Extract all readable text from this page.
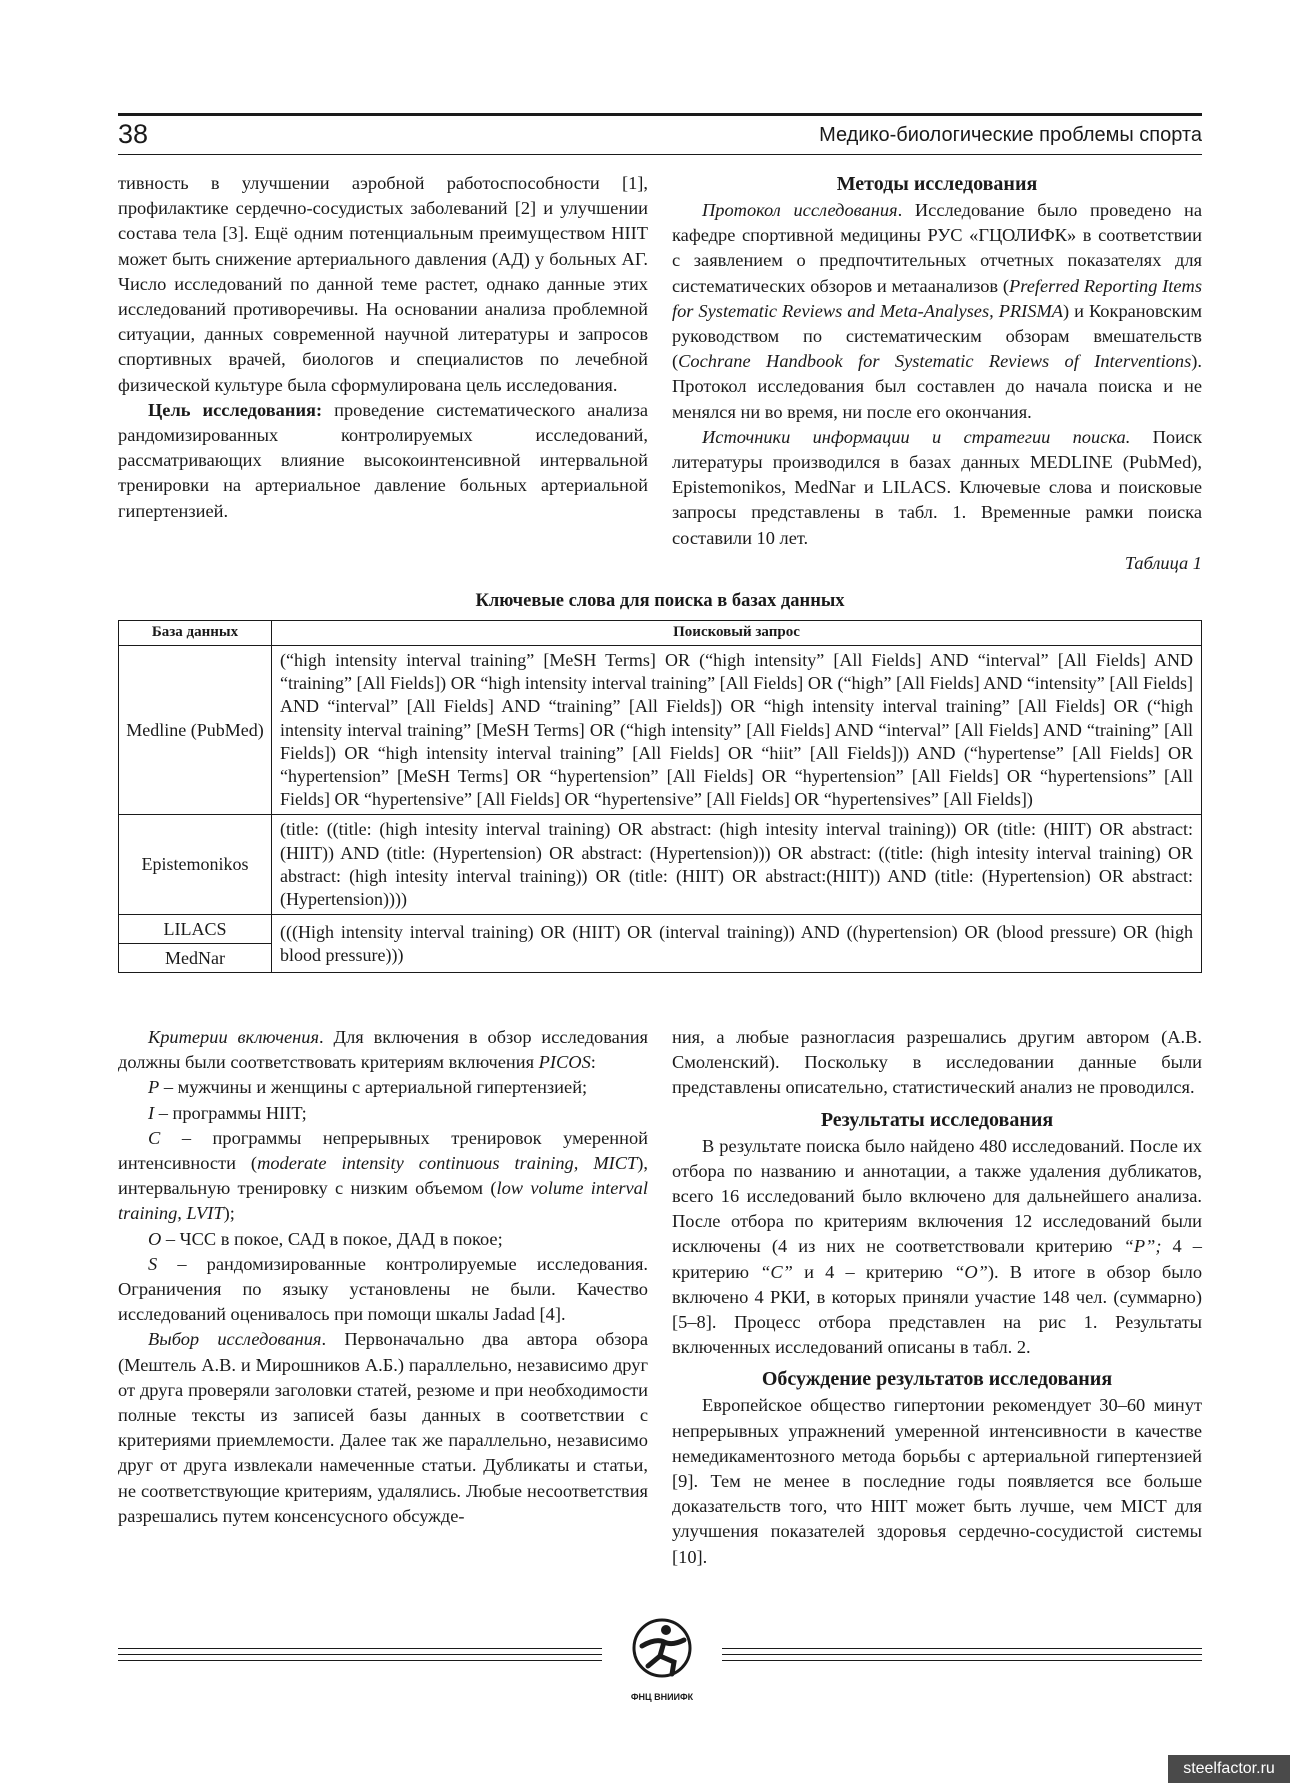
38	Медико-биологические проблемы спорта

тивность в улучшении аэробной работоспособности [1], профилактике сердечно-сосудистых заболеваний [2] и улучшении состава тела [3]. Ещё одним потенциальным преимуществом HIIT может быть снижение артериального давления (АД) у больных АГ. Число исследований по данной теме растет, однако данные этих исследований противоречивы. На основании анализа проблемной ситуации, данных современной научной литературы и запросов спортивных врачей, биологов и специалистов по лечебной физической культуре была сформулирована цель исследования.

Цель исследования: проведение систематического анализа рандомизированных контролируемых исследований, рассматривающих влияние высокоинтенсивной интервальной тренировки на артериальное давление больных артериальной гипертензией.

Методы исследования

Протокол исследования. Исследование было проведено на кафедре спортивной медицины РУС «ГЦОЛИФК» в соответствии с заявлением о предпочтительных отчетных показателях для систематических обзоров и метаанализов (Preferred Reporting Items for Systematic Reviews and Meta-Analyses, PRISMA) и Кокрановским руководством по систематическим обзорам вмешательств (Cochrane Handbook for Systematic Reviews of Interventions). Протокол исследования был составлен до начала поиска и не менялся ни во время, ни после его окончания.

Источники информации и стратегии поиска. Поиск литературы производился в базах данных MEDLINE (PubMed), Epistemonikos, MedNar и LILACS. Ключевые слова и поисковые запросы представлены в табл. 1. Временные рамки поиска составили 10 лет.

Таблица 1

Ключевые слова для поиска в базах данных
База данных	Поисковый запрос
Medline (PubMed)	(“high intensity interval training” [MeSH Terms] OR (“high intensity” [All Fields] AND “interval” [All Fields] AND “training” [All Fields]) OR “high intensity interval training” [All Fields] OR (“high” [All Fields] AND “intensity” [All Fields] AND “interval” [All Fields] AND “training” [All Fields]) OR “high intensity interval training” [All Fields] OR (“high intensity interval training” [MeSH Terms] OR (“high intensity” [All Fields] AND “interval” [All Fields] AND “training” [All Fields]) OR “high intensity interval training” [All Fields] OR “hiit” [All Fields])) AND (“hypertense” [All Fields] OR “hypertension” [MeSH Terms] OR “hypertension” [All Fields] OR “hypertension” [All Fields] OR “hypertensions” [All Fields] OR “hypertensive” [All Fields] OR “hypertensive” [All Fields] OR “hypertensives” [All Fields])
Epistemonikos	(title: ((title: (high intesity interval training) OR abstract: (high intesity interval training)) OR (title: (HIIT) OR abstract: (HIIT)) AND (title: (Hypertension) OR abstract: (Hypertension))) OR abstract: ((title: (high intesity interval training) OR abstract: (high intesity interval training)) OR (title: (HIIT) OR abstract:(HIIT)) AND (title: (Hypertension) OR abstract: (Hypertension))))
LILACS	(((High intensity interval training) OR (HIIT) OR (interval training)) AND ((hypertension) OR (blood pressure) OR (high blood pressure)))
MedNar	

Критерии включения. Для включения в обзор исследования должны были соответствовать критериям включения PICOS:

P – мужчины и женщины с артериальной гипертензией;

I – программы HIIT;

C – программы непрерывных тренировок умеренной интенсивности (moderate intensity continuous training, MICT), интервальную тренировку с низким объемом (low volume interval training, LVIT);

O – ЧСС в покое, САД в покое, ДАД в покое;

S – рандомизированные контролируемые исследования. Ограничения по языку установлены не были. Качество исследований оценивалось при помощи шкалы Jadad [4].

Выбор исследования. Первоначально два автора обзора (Мештель А.В. и Мирошников А.Б.) параллельно, независимо друг от друга проверяли заголовки статей, резюме и при необходимости полные тексты из записей базы данных в соответствии с критериями приемлемости. Далее так же параллельно, независимо друг от друга извлекали намеченные статьи. Дубликаты и статьи, не соответствующие критериям, удалялись. Любые несоответствия разрешались путем консенсусного обсужде-

ния, а любые разногласия разрешались другим автором (А.В. Смоленский). Поскольку в исследовании данные были представлены описательно, статистический анализ не проводился.

Результаты исследования

В результате поиска было найдено 480 исследований. После их отбора по названию и аннотации, а также удаления дубликатов, всего 16 исследований было включено для дальнейшего анализа. После отбора по критериям включения 12 исследований были исключены (4 из них не соответствовали критерию “P”; 4 – критерию “C” и 4 – критерию “O”). В итоге в обзор было включено 4 РКИ, в которых приняли участие 148 чел. (суммарно) [5–8]. Процесс отбора представлен на рис 1. Результаты включенных исследований описаны в табл. 2.

Обсуждение результатов исследования

Европейское общество гипертонии рекомендует 30–60 минут непрерывных упражнений умеренной интенсивности в качестве немедикаментозного метода борьбы с артериальной гипертензией [9]. Тем не менее в последние годы появляется все больше доказательств того, что HIIT может быть лучше, чем MICT для улучшения показателей здоровья сердечно-сосудистой системы [10].

ФНЦ ВНИИФК
steelfactor.ru
